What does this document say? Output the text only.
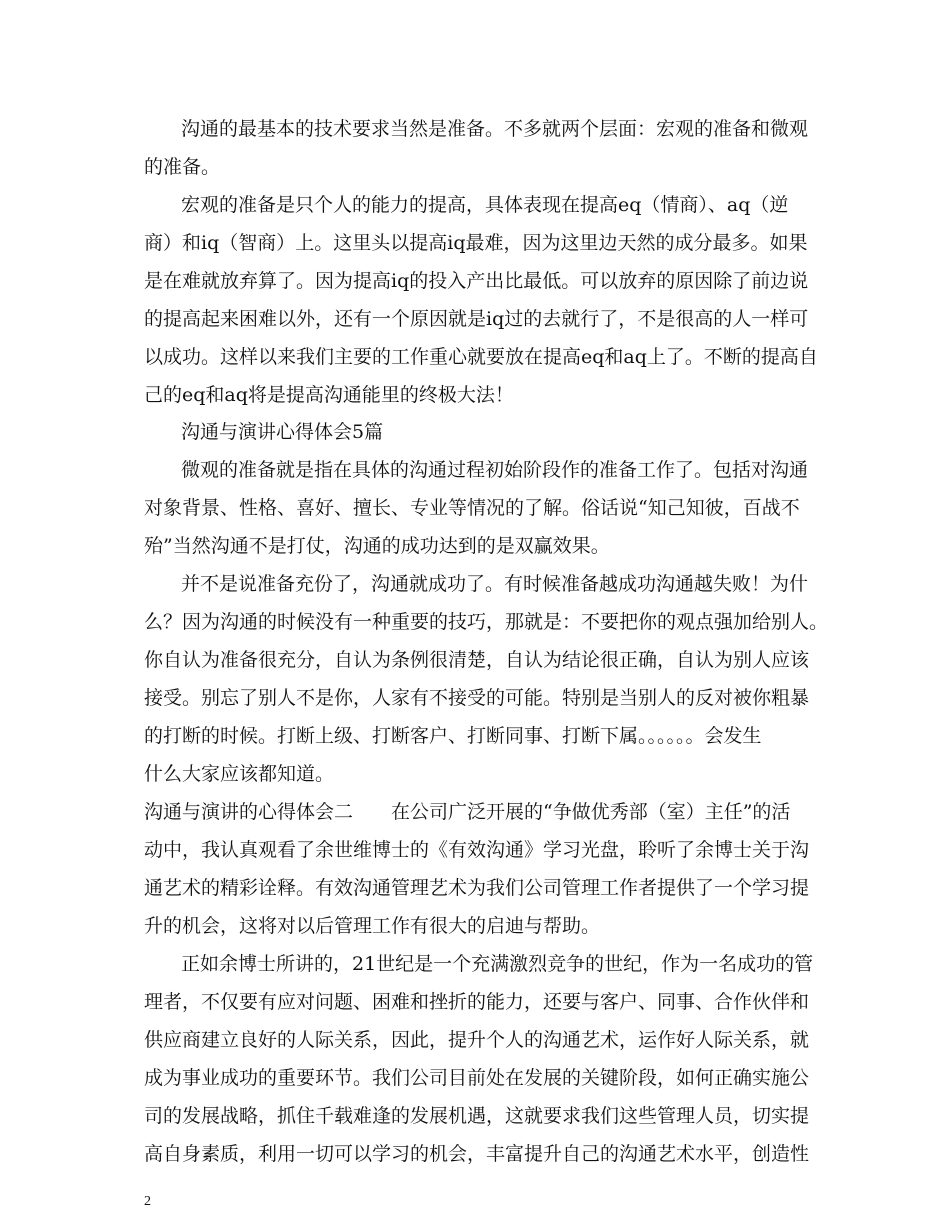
沟通的最基本的技术要求当然是准备。不多就两个层面：宏观的准备和微观
的准备。
宏观的准备是只个人的能力的提高，具体表现在提高eq（情商）、aq（逆
商）和iq（智商）上。这里头以提高iq最难，因为这里边天然的成分最多。如果
是在难就放弃算了。因为提高iq的投入产出比最低。可以放弃的原因除了前边说
的提高起来困难以外，还有一个原因就是iq过的去就行了，不是很高的人一样可
以成功。这样以来我们主要的工作重心就要放在提高eq和aq上了。不断的提高自
己的eq和aq将是提高沟通能里的终极大法！
沟通与演讲心得体会5篇
微观的准备就是指在具体的沟通过程初始阶段作的准备工作了。包括对沟通
对象背景、性格、喜好、擅长、专业等情况的了解。俗话说“知己知彼，百战不
殆”当然沟通不是打仗，沟通的成功达到的是双赢效果。
并不是说准备充份了，沟通就成功了。有时候准备越成功沟通越失败！为什
么？因为沟通的时候没有一种重要的技巧，那就是：不要把你的观点强加给别人。
你自认为准备很充分，自认为条例很清楚，自认为结论很正确，自认为别人应该
接受。别忘了别人不是你，人家有不接受的可能。特别是当别人的反对被你粗暴
的打断的时候。打断上级、打断客户、打断同事、打断下属。。。。。。会发生
什么大家应该都知道。
沟通与演讲的心得体会二　　在公司广泛开展的“争做优秀部（室）主任”的活
动中，我认真观看了余世维博士的《有效沟通》学习光盘，聆听了余博士关于沟
通艺术的精彩诠释。有效沟通管理艺术为我们公司管理工作者提供了一个学习提
升的机会，这将对以后管理工作有很大的启迪与帮助。
正如余博士所讲的，21世纪是一个充满激烈竞争的世纪，作为一名成功的管
理者，不仅要有应对问题、困难和挫折的能力，还要与客户、同事、合作伙伴和
供应商建立良好的人际关系，因此，提升个人的沟通艺术，运作好人际关系，就
成为事业成功的重要环节。我们公司目前处在发展的关键阶段，如何正确实施公
司的发展战略，抓住千载难逢的发展机遇，这就要求我们这些管理人员，切实提
高自身素质，利用一切可以学习的机会，丰富提升自己的沟通艺术水平，创造性
2
